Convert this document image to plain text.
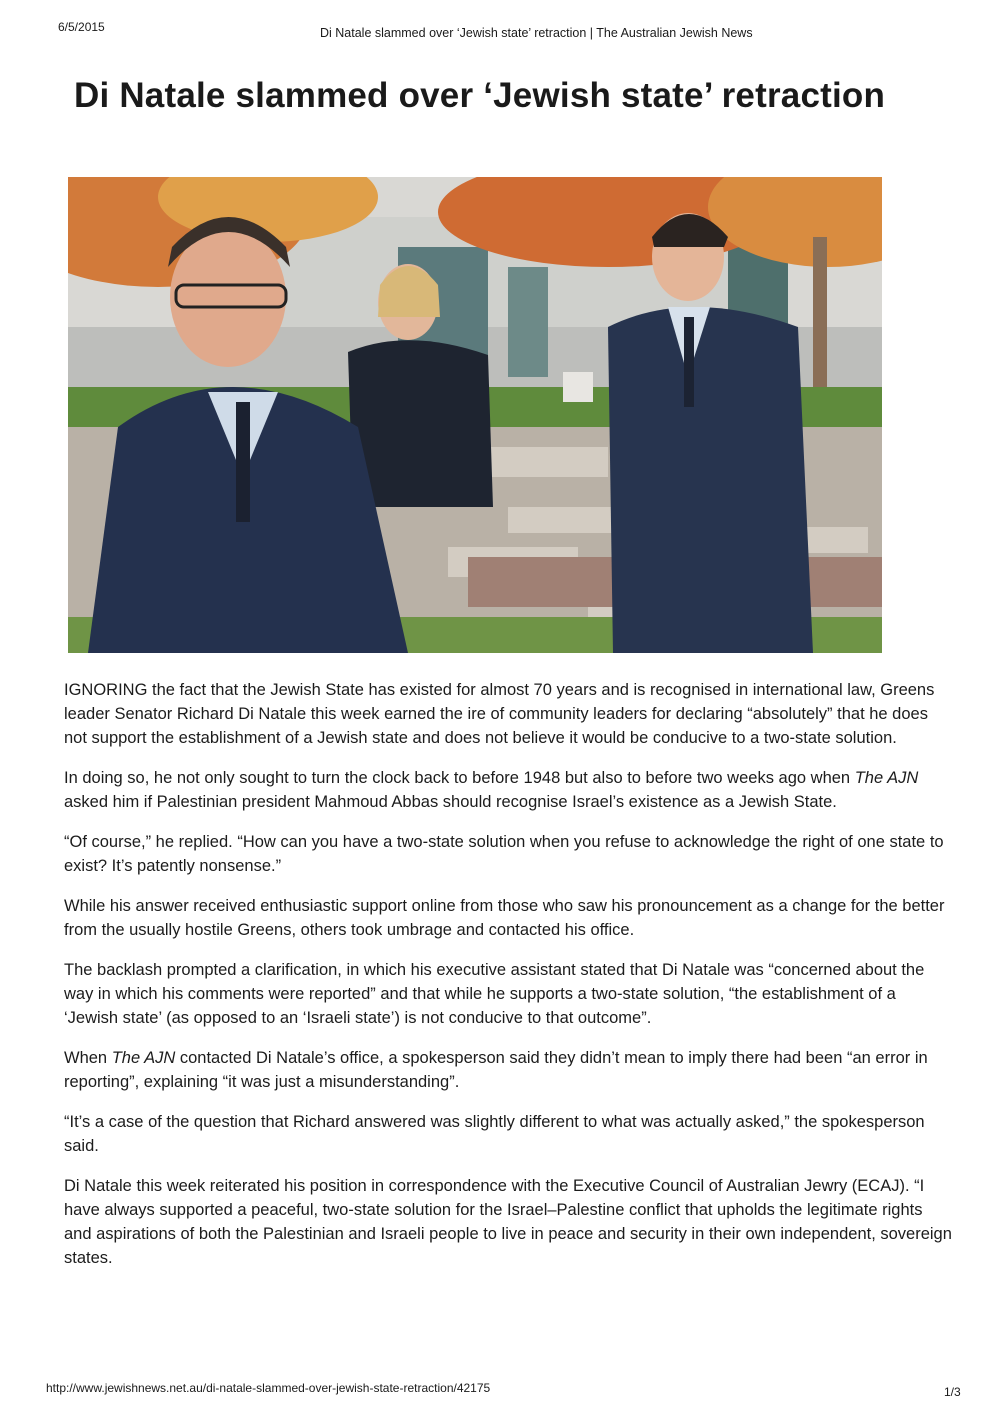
6/5/2015	Di Natale slammed over ‘Jewish state’ retraction | The Australian Jewish News
Di Natale slammed over ‘Jewish state’ retraction

IGNORING the fact that the Jewish State has existed for almost 70 years and is recognised in international law, Greens leader Senator Richard Di Natale this week earned the ire of community leaders for declaring “absolutely” that he does not support the establishment of a Jewish state and does not believe it would be conducive to a two-state solution.

In doing so, he not only sought to turn the clock back to before 1948 but also to before two weeks ago when The AJN asked him if Palestinian president Mahmoud Abbas should recognise Israel’s existence as a Jewish State.

“Of course,” he replied. “How can you have a two-state solution when you refuse to acknowledge the right of one state to exist? It’s patently nonsense.”

While his answer received enthusiastic support online from those who saw his pronouncement as a change for the better from the usually hostile Greens, others took umbrage and contacted his office.

The backlash prompted a clarification, in which his executive assistant stated that Di Natale was “concerned about the way in which his comments were reported” and that while he supports a two-state solution, “the establishment of a ‘Jewish state’ (as opposed to an ‘Israeli state’) is not conducive to that outcome”.

When The AJN contacted Di Natale’s office, a spokesperson said they didn’t mean to imply there had been “an error in reporting”, explaining “it was just a misunderstanding”.

“It’s a case of the question that Richard answered was slightly different to what was actually asked,” the spokesperson said.

Di Natale this week reiterated his position in correspondence with the Executive Council of Australian Jewry (ECAJ). “I have always supported a peaceful, two-state solution for the Israel–Palestine conflict that upholds the legitimate rights and aspirations of both the Palestinian and Israeli people to live in peace and security in their own independent, sovereign states.

http://www.jewishnews.net.au/di-natale-slammed-over-jewish-state-retraction/42175	1/3
